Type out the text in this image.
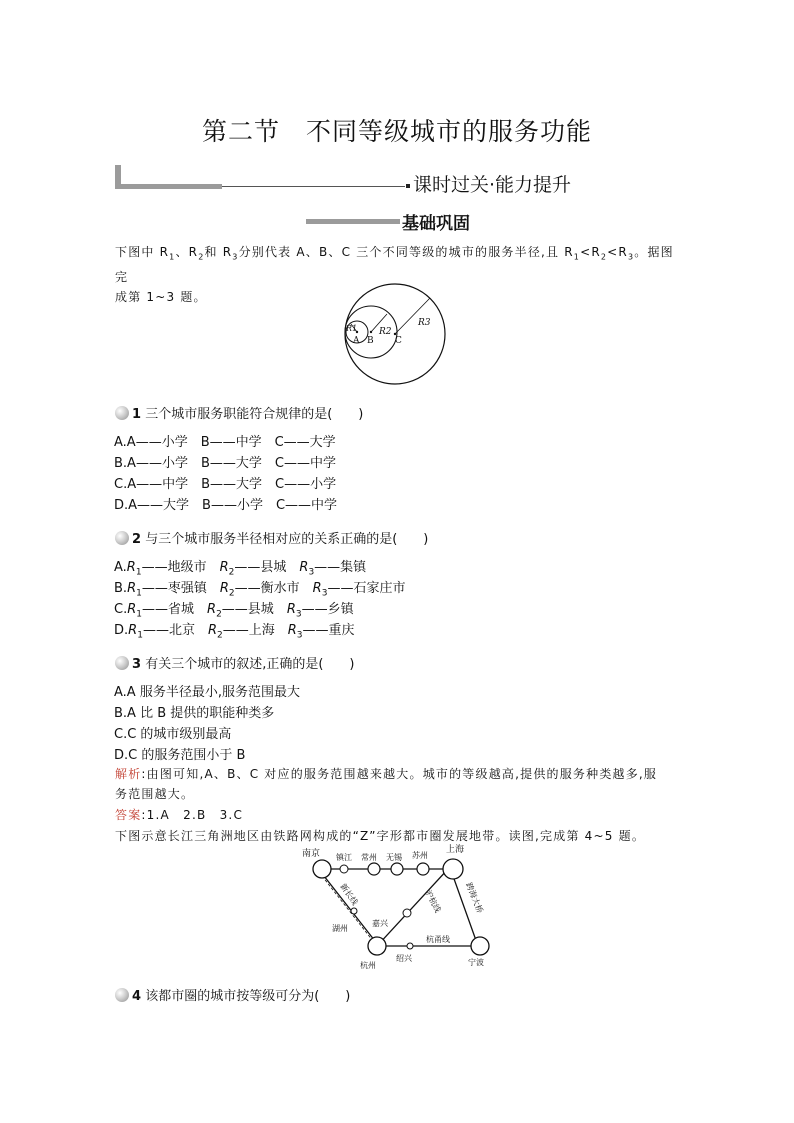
第二节 不同等级城市的服务功能
课时过关·能力提升
基础巩固
下图中 $R_1$、$R_2$和 $R_3$分别代表 A、B、C 三个不同等级的城市的服务半径,且 $R_1<R_2<R_3$。据图完
成第 1~3 题。
R1 R2
R3
A B C
1 三个城市服务职能符合规律的是(　　)
A.A——小学　B——中学　C——大学
B.A——小学　B——大学　C——中学
C.A——中学　B——大学　C——小学
D.A——大学　B——小学　C——中学
2 与三个城市服务半径相对应的关系正确的是(　　)
$A.R_1——$地级市　$R_2——$县城　$R_3——$集镇
$B.R_1——$枣强镇　$R_2——$衡水市　$R_3——$石家庄市
$C.R_1——$省城　$R_2——$县城　$R_3——$乡镇
$D.R_1——$北京　$R_2——$上海　$R_3——$重庆
3 有关三个城市的叙述,正确的是(　　)
A.A 服务半径最小,服务范围最大
B.A 比 B 提供的职能种类多
C.C 的城市级别最高
D.C 的服务范围小于 B
解析:由图可知,A、B、C 对应的服务范围越来越大。城市的等级越高,提供的服务种类越多,服
务范围越大。
答案:1.A　2.B　3.C
下图示意长江三角洲地区由铁路网构成的“Z”字形都市圈发展地带。读图,完成第 4~5 题。
南京 镇江 常州 无锡 苏州
上海
湖州
嘉兴
杭州
绍兴	宁波
新长线	沪杭线
杭甬线
跨海大桥
4 该都市圈的城市按等级可分为(　　)
